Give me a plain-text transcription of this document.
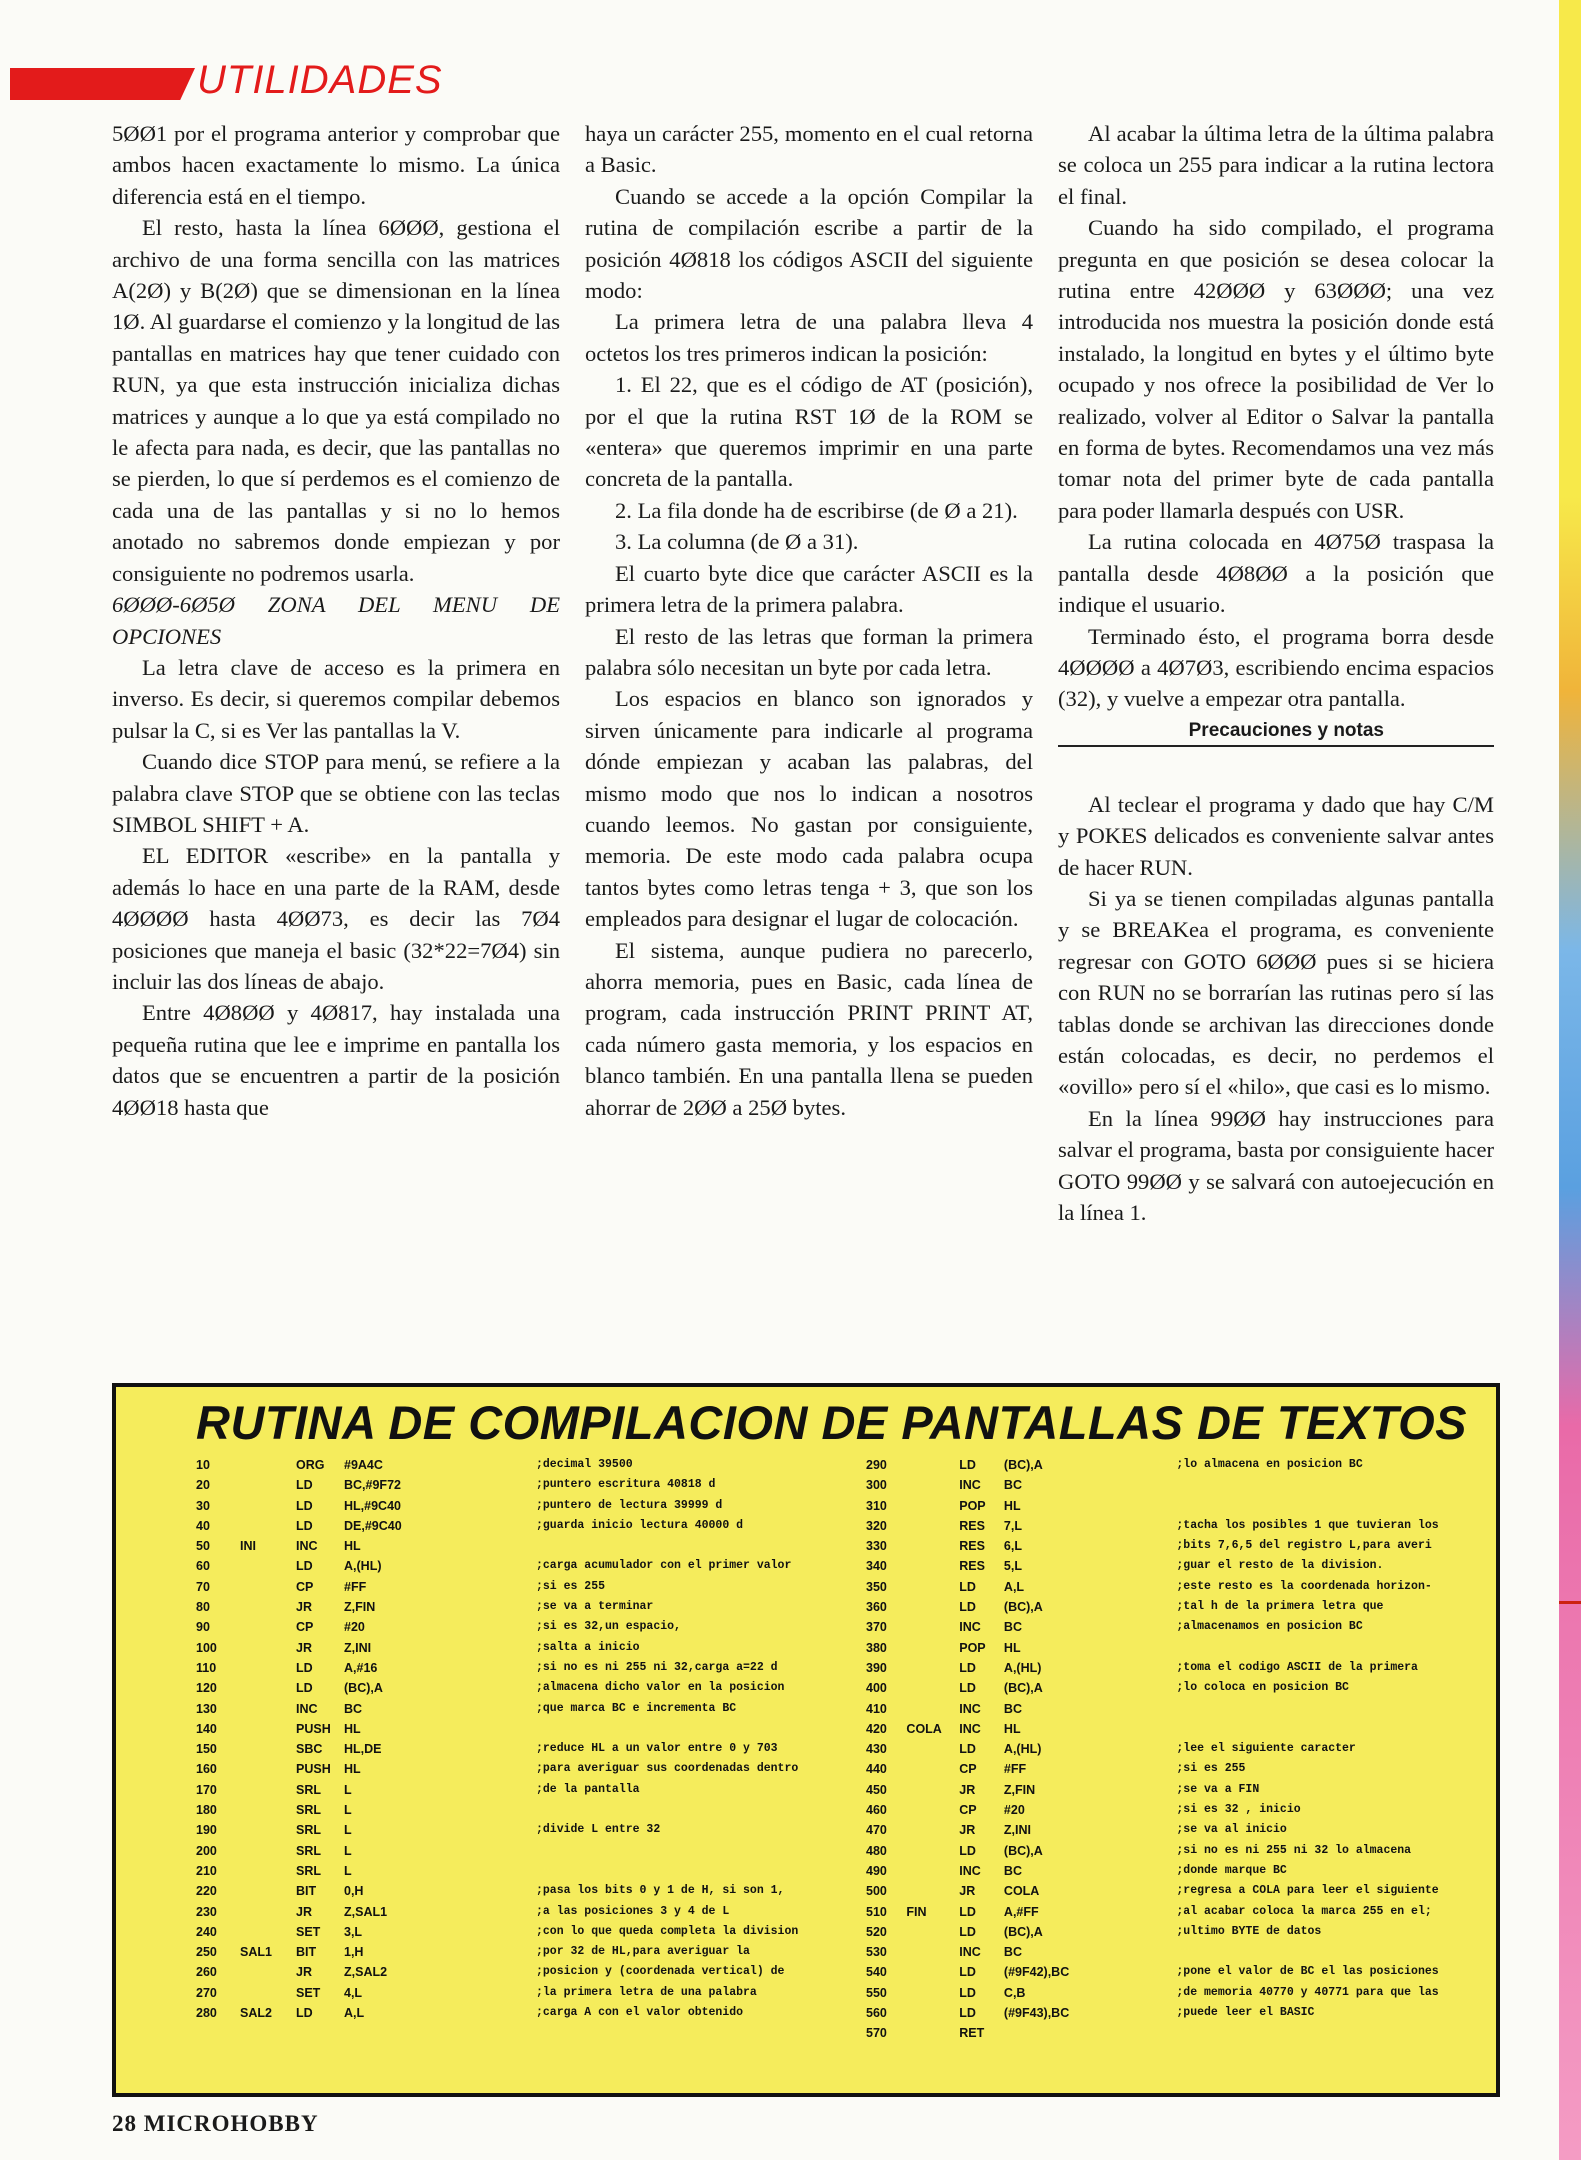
UTILIDADES

5ØØ1 por el programa anterior y comprobar que ambos hacen exactamente lo mismo. La única diferencia está en el tiempo.

El resto, hasta la línea 6ØØØ, gestiona el archivo de una forma sencilla con las matrices A(2Ø) y B(2Ø) que se dimensionan en la línea 1Ø. Al guardarse el comienzo y la longitud de las pantallas en matrices hay que tener cuidado con RUN, ya que esta instrucción inicializa dichas matrices y aunque a lo que ya está compilado no le afecta para nada, es decir, que las pantallas no se pierden, lo que sí perdemos es el comienzo de cada una de las pantallas y si no lo hemos anotado no sabremos donde empiezan y por consiguiente no podremos usarla.

6ØØØ-6Ø5Ø ZONA DEL MENU DE OPCIONES

La letra clave de acceso es la primera en inverso. Es decir, si queremos compilar debemos pulsar la C, si es Ver las pantallas la V.

Cuando dice STOP para menú, se refiere a la palabra clave STOP que se obtiene con las teclas SIMBOL SHIFT + A.

EL EDITOR «escribe» en la pantalla y además lo hace en una parte de la RAM, desde 4ØØØØ hasta 4ØØ73, es decir las 7Ø4 posiciones que maneja el basic (32*22=7Ø4) sin incluir las dos líneas de abajo.

Entre 4Ø8ØØ y 4Ø817, hay instalada una pequeña rutina que lee e imprime en pantalla los datos que se encuentren a partir de la posición 4ØØ18 hasta que

haya un carácter 255, momento en el cual retorna a Basic.

Cuando se accede a la opción Compilar la rutina de compilación escribe a partir de la posición 4Ø818 los códigos ASCII del siguiente modo:

La primera letra de una palabra lleva 4 octetos los tres primeros indican la posición:

1. El 22, que es el código de AT (posición), por el que la rutina RST 1Ø de la ROM se «entera» que queremos imprimir en una parte concreta de la pantalla.

2. La fila donde ha de escribirse (de Ø a 21).

3. La columna (de Ø a 31).

El cuarto byte dice que carácter ASCII es la primera letra de la primera palabra.

El resto de las letras que forman la primera palabra sólo necesitan un byte por cada letra.

Los espacios en blanco son ignorados y sirven únicamente para indicarle al programa dónde empiezan y acaban las palabras, del mismo modo que nos lo indican a nosotros cuando leemos. No gastan por consiguiente, memoria. De este modo cada palabra ocupa tantos bytes como letras tenga + 3, que son los empleados para designar el lugar de colocación.

El sistema, aunque pudiera no parecerlo, ahorra memoria, pues en Basic, cada línea de program, cada instrucción PRINT PRINT AT, cada número gasta memoria, y los espacios en blanco también. En una pantalla llena se pueden ahorrar de 2ØØ a 25Ø bytes.

Al acabar la última letra de la última palabra se coloca un 255 para indicar a la rutina lectora el final.

Cuando ha sido compilado, el programa pregunta en que posición se desea colocar la rutina entre 42ØØØ y 63ØØØ; una vez introducida nos muestra la posición donde está instalado, la longitud en bytes y el último byte ocupado y nos ofrece la posibilidad de Ver lo realizado, volver al Editor o Salvar la pantalla en forma de bytes. Recomendamos una vez más tomar nota del primer byte de cada pantalla para poder llamarla después con USR.

La rutina colocada en 4Ø75Ø traspasa la pantalla desde 4Ø8ØØ a la posición que indique el usuario.

Terminado ésto, el programa borra desde 4ØØØØ a 4Ø7Ø3, escribiendo encima espacios (32), y vuelve a empezar otra pantalla.

Precauciones y notas

Al teclear el programa y dado que hay C/M y POKES delicados es conveniente salvar antes de hacer RUN.

Si ya se tienen compiladas algunas pantalla y se BREAKea el programa, es conveniente regresar con GOTO 6ØØØ pues si se hiciera con RUN no se borrarían las rutinas pero sí las tablas donde se archivan las direcciones donde están colocadas, es decir, no perdemos el «ovillo» pero sí el «hilo», que casi es lo mismo.

En la línea 99ØØ hay instrucciones para salvar el programa, basta por consiguiente hacer GOTO 99ØØ y se salvará con autoejecución en la línea 1.

RUTINA DE COMPILACION DE PANTALLAS DE TEXTOS
10		ORG	#9A4C	;decimal 39500
20		LD	BC,#9F72	;puntero escritura 40818 d
30		LD	HL,#9C40	;puntero de lectura 39999 d
40		LD	DE,#9C40	;guarda inicio lectura 40000 d
50	INI	INC	HL	
60		LD	A,(HL)	;carga acumulador con el primer valor
70		CP	#FF	;si es 255
80		JR	Z,FIN	;se va a terminar
90		CP	#20	;si es 32,un espacio,
100		JR	Z,INI	;salta a inicio
110		LD	A,#16	;si no es ni 255 ni 32,carga a=22 d
120		LD	(BC),A	;almacena dicho valor en la posicion
130		INC	BC	;que marca BC e incrementa BC
140		PUSH	HL	
150		SBC	HL,DE	;reduce HL a un valor entre 0 y 703
160		PUSH	HL	;para averiguar sus coordenadas dentro
170		SRL	L	;de la pantalla
180		SRL	L	
190		SRL	L	;divide L entre 32
200		SRL	L	
210		SRL	L	
220		BIT	0,H	;pasa los bits 0 y 1 de H, si son 1,
230		JR	Z,SAL1	;a las posiciones 3 y 4 de L
240		SET	3,L	;con lo que queda completa la division
250	SAL1	BIT	1,H	;por 32 de HL,para averiguar la
260		JR	Z,SAL2	;posicion y (coordenada vertical) de
270		SET	4,L	;la primera letra de una palabra
280	SAL2	LD	A,L	;carga A con el valor obtenido
290		LD	(BC),A	;lo almacena en posicion BC
300		INC	BC	
310		POP	HL	
320		RES	7,L	;tacha los posibles 1 que tuvieran los
330		RES	6,L	;bits 7,6,5 del registro L,para averi
340		RES	5,L	;guar el resto de la division.
350		LD	A,L	;este resto es la coordenada horizon-
360		LD	(BC),A	;tal h de la primera letra que
370		INC	BC	;almacenamos en posicion BC
380		POP	HL	
390		LD	A,(HL)	;toma el codigo ASCII de la primera
400		LD	(BC),A	;lo coloca en posicion BC
410		INC	BC	
420	COLA	INC	HL	
430		LD	A,(HL)	;lee el siguiente caracter
440		CP	#FF	;si es 255
450		JR	Z,FIN	;se va a FIN
460		CP	#20	;si es 32 , inicio
470		JR	Z,INI	;se va al inicio
480		LD	(BC),A	;si no es ni 255 ni 32 lo almacena
490		INC	BC	;donde marque BC
500		JR	COLA	;regresa a COLA para leer el siguiente
510	FIN	LD	A,#FF	;al acabar coloca la marca 255 en el;
520		LD	(BC),A	;ultimo BYTE de datos
530		INC	BC	
540		LD	(#9F42),BC	;pone el valor de BC el las posiciones
550		LD	C,B	;de memoria 40770 y 40771 para que las
560		LD	(#9F43),BC	;puede leer el BASIC
570		RET		
28 MICROHOBBY
